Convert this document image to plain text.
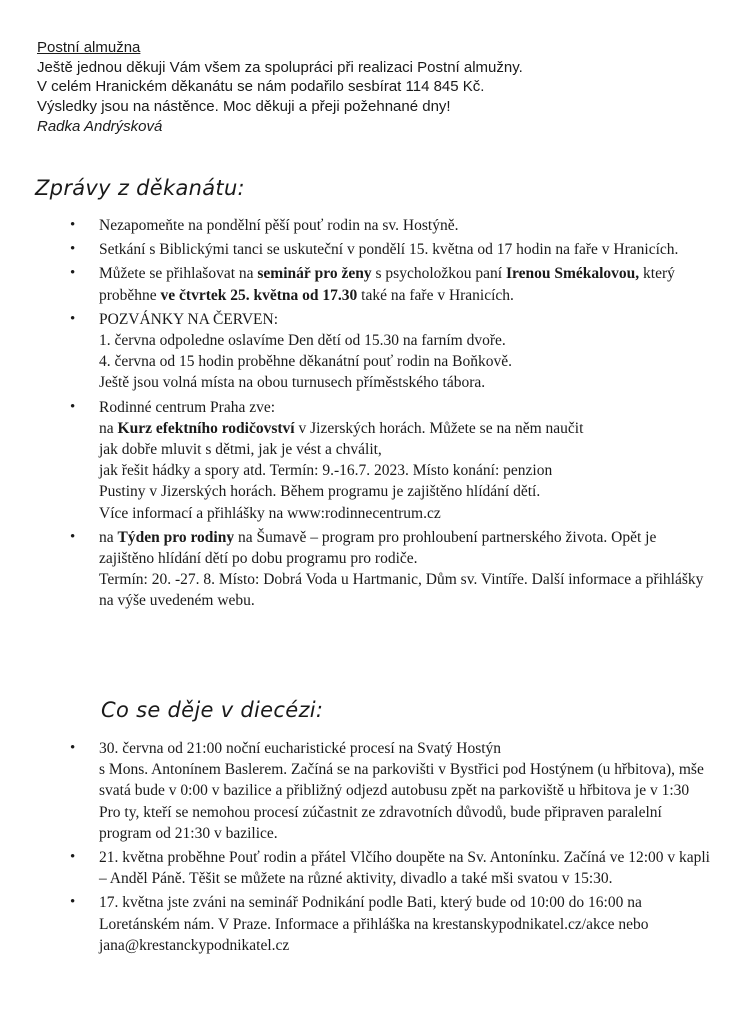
Postní almužna
Ještě jednou děkuji Vám všem za spolupráci při realizaci Postní almužny.
V celém Hranickém děkanátu se nám podařilo sesbírat 114 845 Kč.
Výsledky jsou na nástěnce. Moc děkuji a přeji požehnané dny!
Radka Andrýsková
Zprávy z děkanátu:
• Nezapomeňte na pondělní pěší pouť rodin na sv. Hostýně.
• Setkání s Biblickými tanci se uskuteční v pondělí 15. května od 17 hodin na faře v Hranicích.
• Můžete se přihlašovat na seminář pro ženy s psycholožkou paní Irenou Smékalovou, který proběhne ve čtvrtek 25. května od 17.30 také na faře v Hranicích.
• POZVÁNKY NA ČERVEN:
1. června odpoledne oslavíme Den dětí od 15.30 na farním dvoře.
4. června od 15 hodin proběhne děkanátní pouť rodin na Boňkově.
Ještě jsou volná místa na obou turnusech příměstského tábora.
• Rodinné centrum Praha zve:
na Kurz efektního rodičovství v Jizerských horách. Můžete se na něm naučit
jak dobře mluvit s dětmi, jak je vést a chválit,
jak řešit hádky a spory atd. Termín: 9.-16.7. 2023. Místo konání: penzion
Pustiny v Jizerských horách. Během programu je zajištěno hlídání dětí.
Více informací a přihlášky na www:rodinnecentrum.cz
• na Týden pro rodiny na Šumavě – program pro prohloubení partnerského života. Opět je zajištěno hlídání dětí po dobu programu pro rodiče.
Termín: 20. -27. 8. Místo: Dobrá Voda u Hartmanic, Dům sv. Vintíře. Další informace a přihlášky na výše uvedeném webu.
Co se děje v diecézi:
• 30. června od 21:00 noční eucharistické procesí na Svatý Hostýn
s Mons. Antonínem Baslerem. Začíná se na parkovišti v Bystřici pod Hostýnem (u hřbitova), mše svatá bude v 0:00 v bazilice a přibližný odjezd autobusu zpět na parkoviště u hřbitova je v 1:30
Pro ty, kteří se nemohou procesí zúčastnit ze zdravotních důvodů, bude připraven paralelní program od 21:30 v bazilice.
• 21. května proběhne Pouť rodin a přátel Vlčího doupěte na Sv. Antonínku. Začíná ve 12:00 v kapli – Anděl Páně. Těšit se můžete na různé aktivity, divadlo a také mši svatou v 15:30.
• 17. května jste zváni na seminář Podnikání podle Bati, který bude od 10:00 do 16:00 na Loretánském nám. V Praze. Informace a přihláška na krestanskypodnikatel.cz/akce nebo jana@krestanckypodnikatel.cz
